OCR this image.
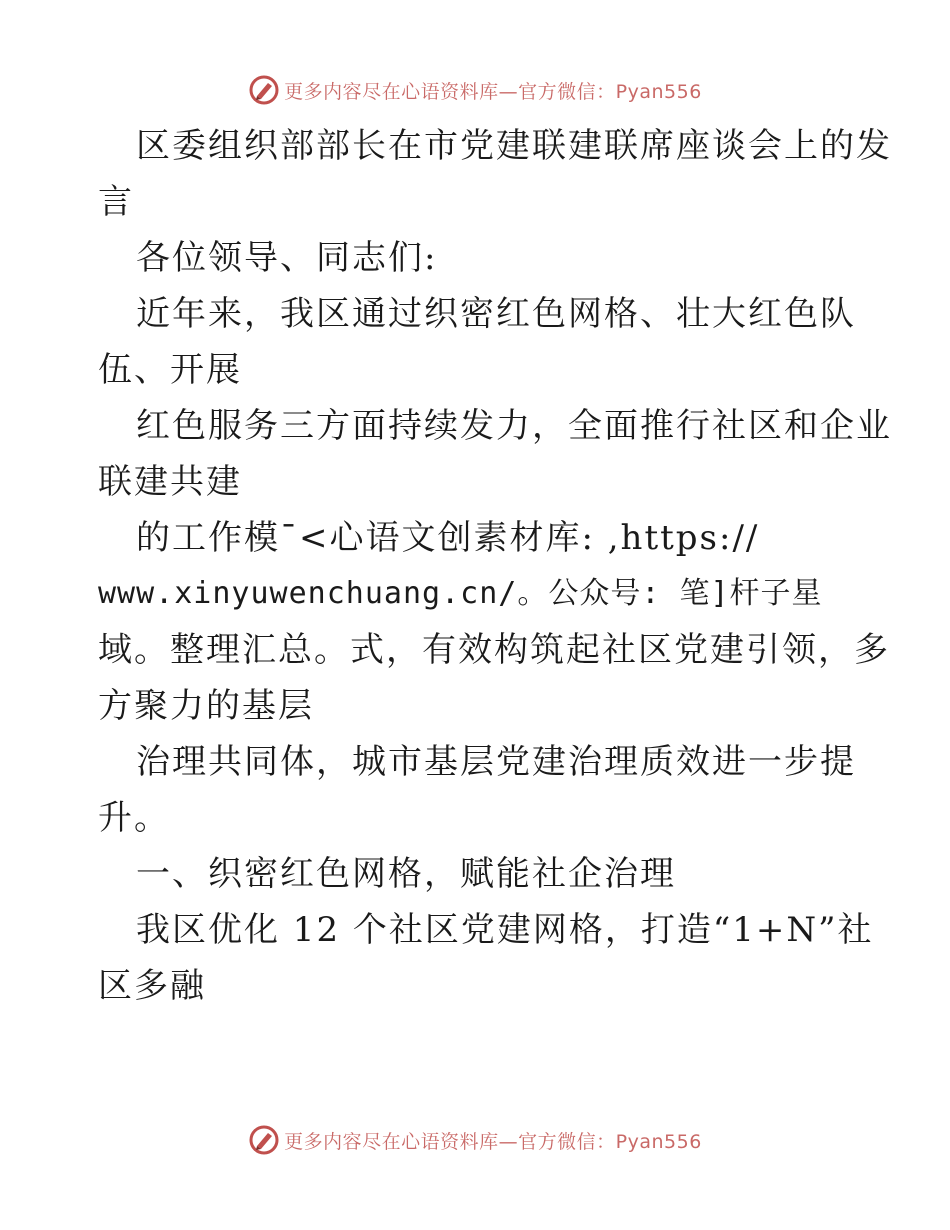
更多内容尽在心语资料库—官方微信：Pyan556
区委组织部部长在市党建联建联席座谈会上的发
言
各位领导、同志们:
近年来，我区通过织密红色网格、壮大红色队
伍、开展
红色服务三方面持续发力，全面推行社区和企业
联建共建
的工作模¯<心语文创素材库: ,https://
www.xinyuwenchuang.cn/。公众号: 笔]杆子星
域。整理汇总。式，有效构筑起社区党建引领，多
方聚力的基层
治理共同体，城市基层党建治理质效进一步提
升。
一、织密红色网格，赋能社企治理
我区优化 12 个社区党建网格，打造“1+N”社
区多融
更多内容尽在心语资料库—官方微信：Pyan556
